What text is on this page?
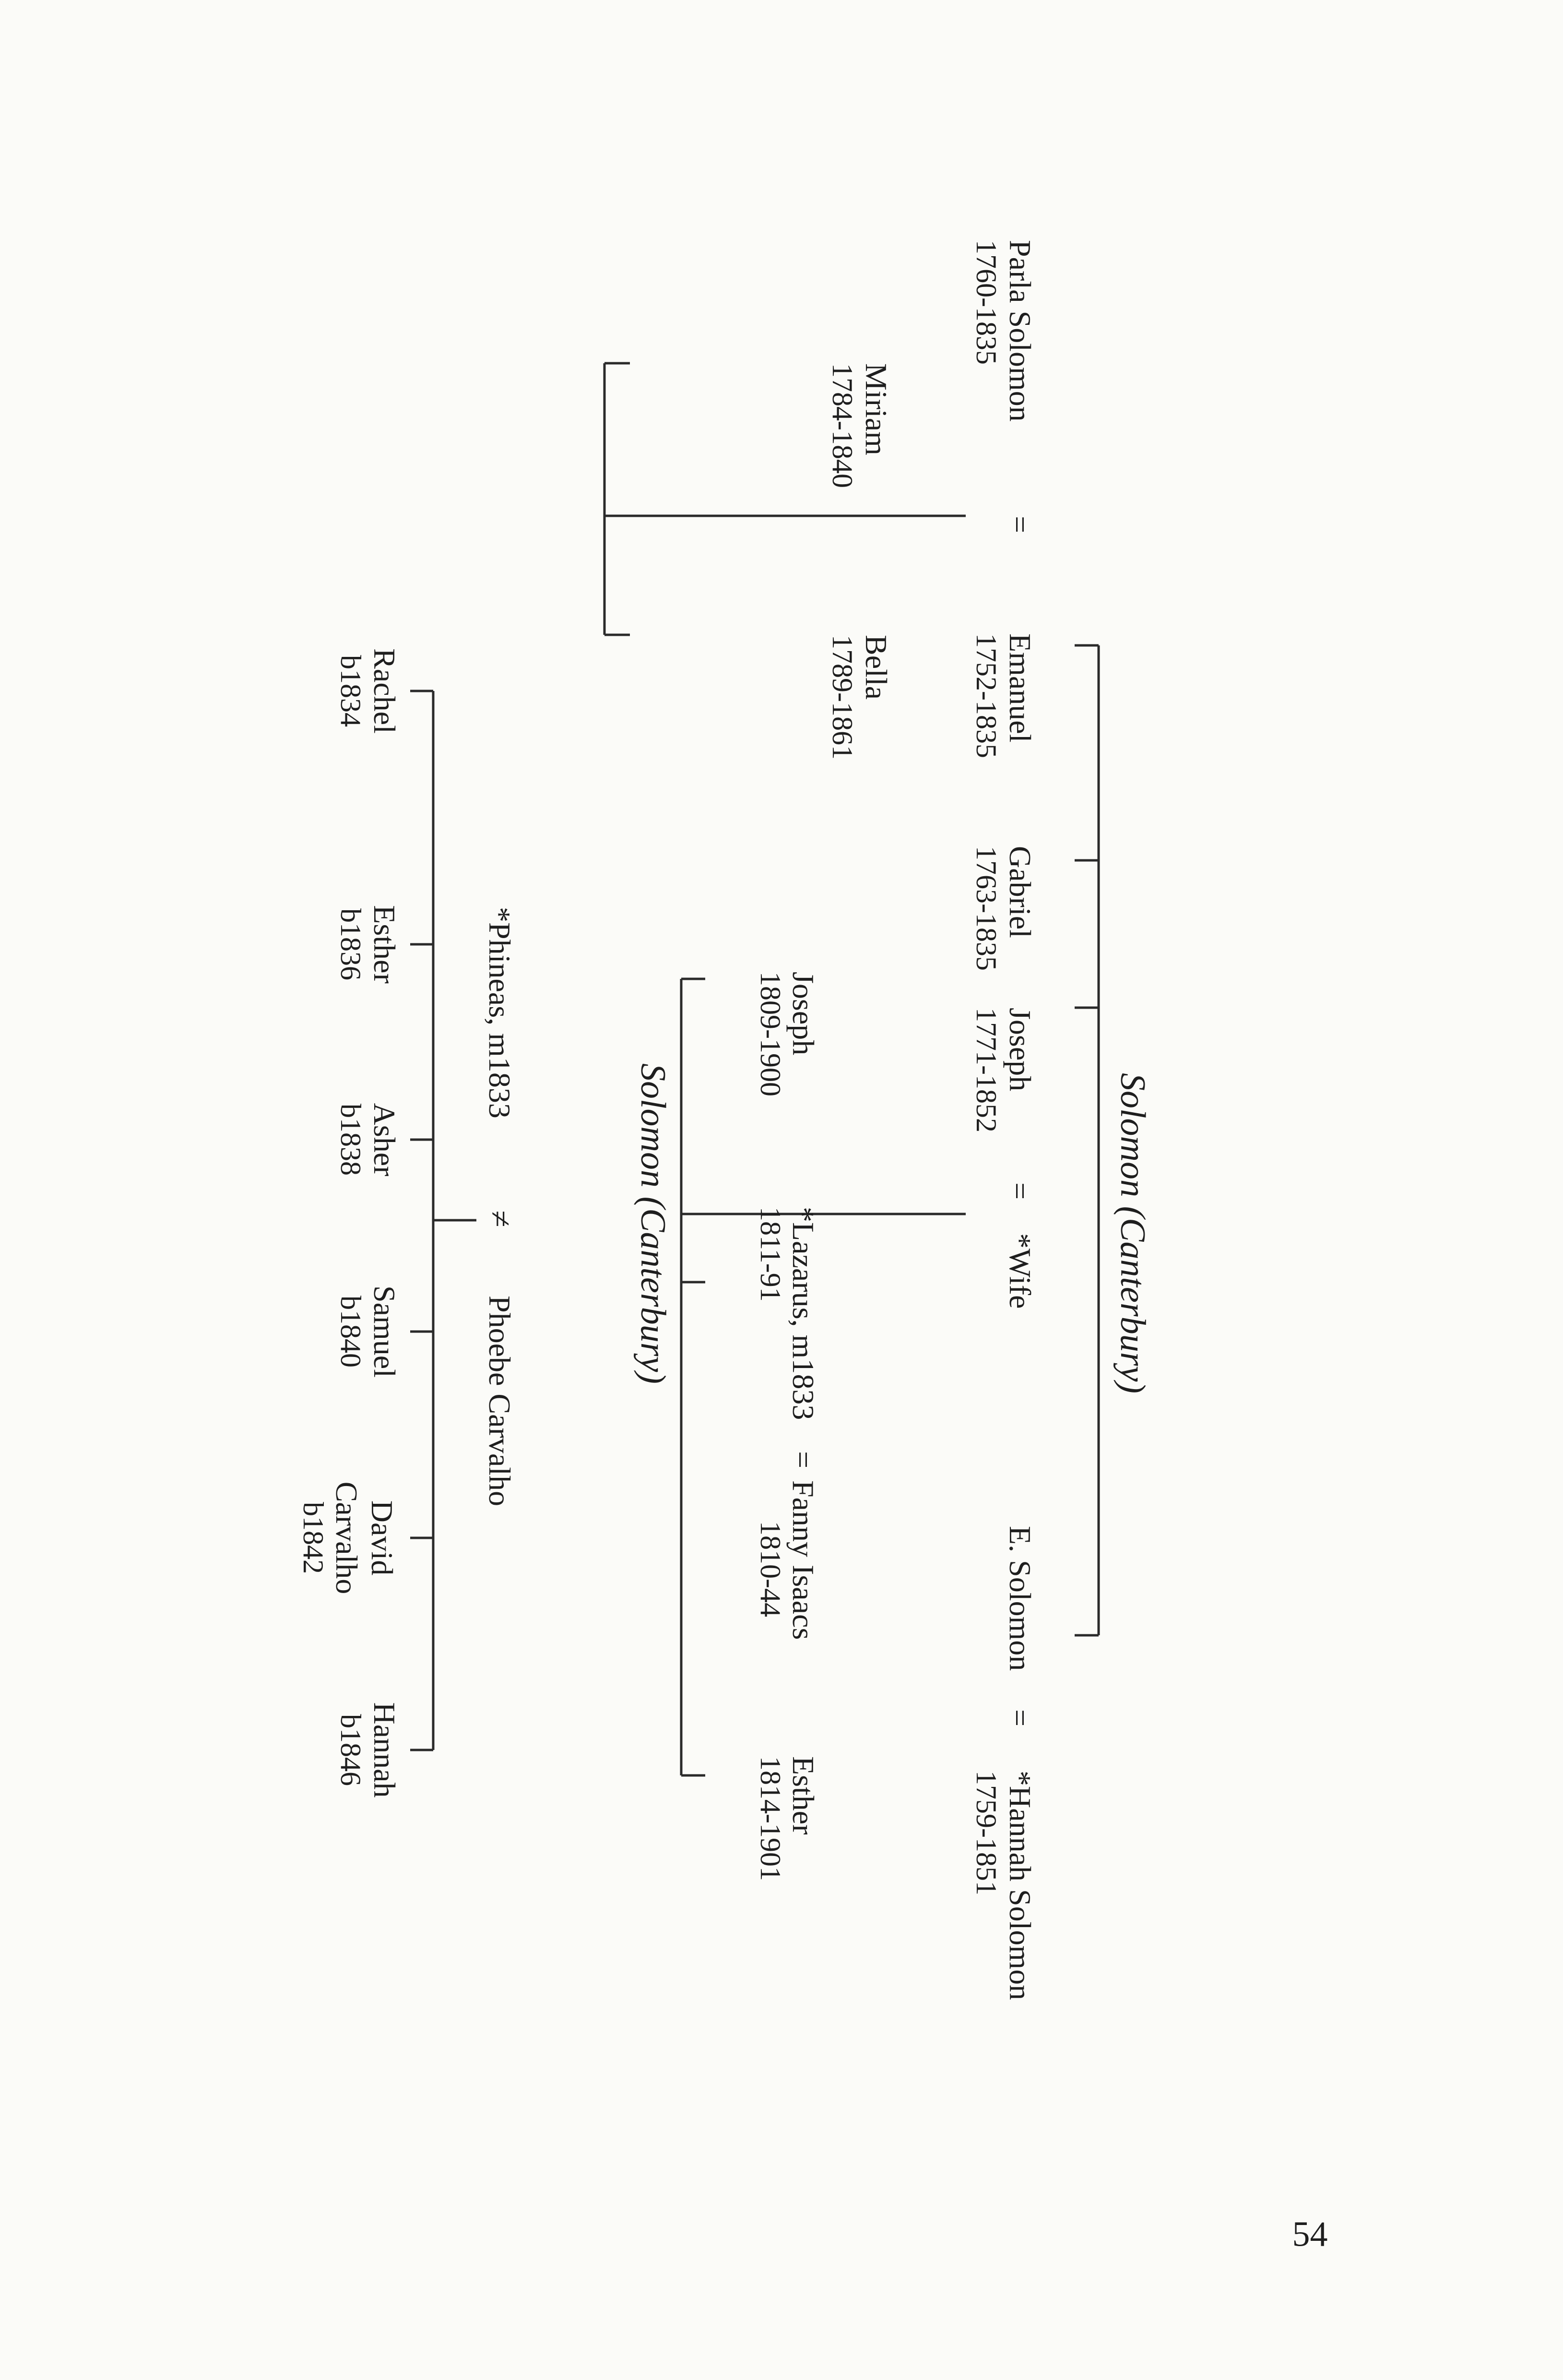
Solomon (Canterbury)
Parla Solomon
1760-1835
=
Emanuel
1752-1835
Gabriel
1763-1835
Joseph
1771-1852
=
*Wife
E. Solomon
=
*Hannah Solomon
1759-1851
Miriam
1784-1840
Bella
1789-1861
Joseph
1809-1900
*Lazarus, m1833
1811-91
=
Fanny Isaacs
1810-44
Esther
1814-1901
Solomon (Canterbury)
*Phineas, m1833
≠
Phoebe Carvalho
Rachel
b1834
Esther
b1836
Asher
b1838
Samuel
b1840
David Carvalho
b1842
Hannah
b1846
54
